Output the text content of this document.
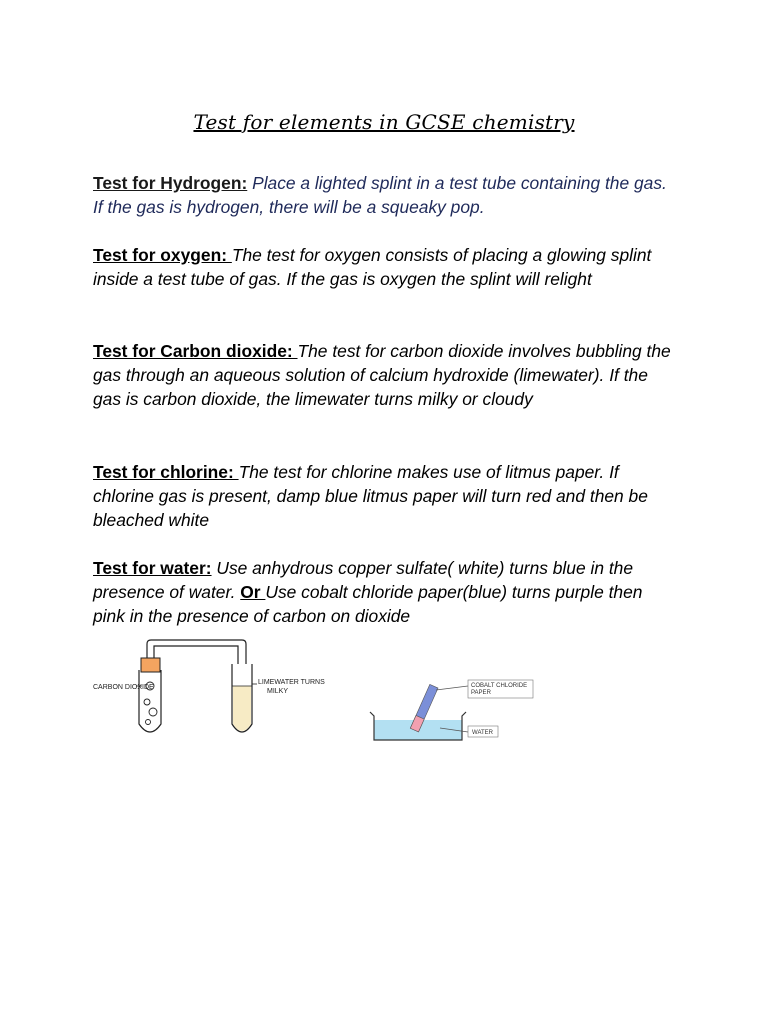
Test for elements in GCSE chemistry
Test for Hydrogen: Place a lighted splint in a test tube containing the gas. If the gas is hydrogen, there will be a squeaky pop.
Test for oxygen: The test for oxygen consists of placing a glowing splint inside a test tube of gas. If the gas is oxygen the splint will relight
Test for Carbon dioxide: The test for carbon dioxide involves bubbling the gas through an aqueous solution of calcium hydroxide (limewater). If the gas is carbon dioxide, the limewater turns milky or cloudy
Test for chlorine: The test for chlorine makes use of litmus paper. If chlorine gas is present, damp blue litmus paper will turn red and then be bleached white
Test for water: Use anhydrous copper sulfate( white) turns blue in the presence of water. Or Use cobalt chloride paper(blue) turns purple then pink in the presence of carbon on dioxide
CARBON DIOXIDE
LIMEWATER TURNS
MILKY
COBALT CHLORIDE
PAPER
WATER
